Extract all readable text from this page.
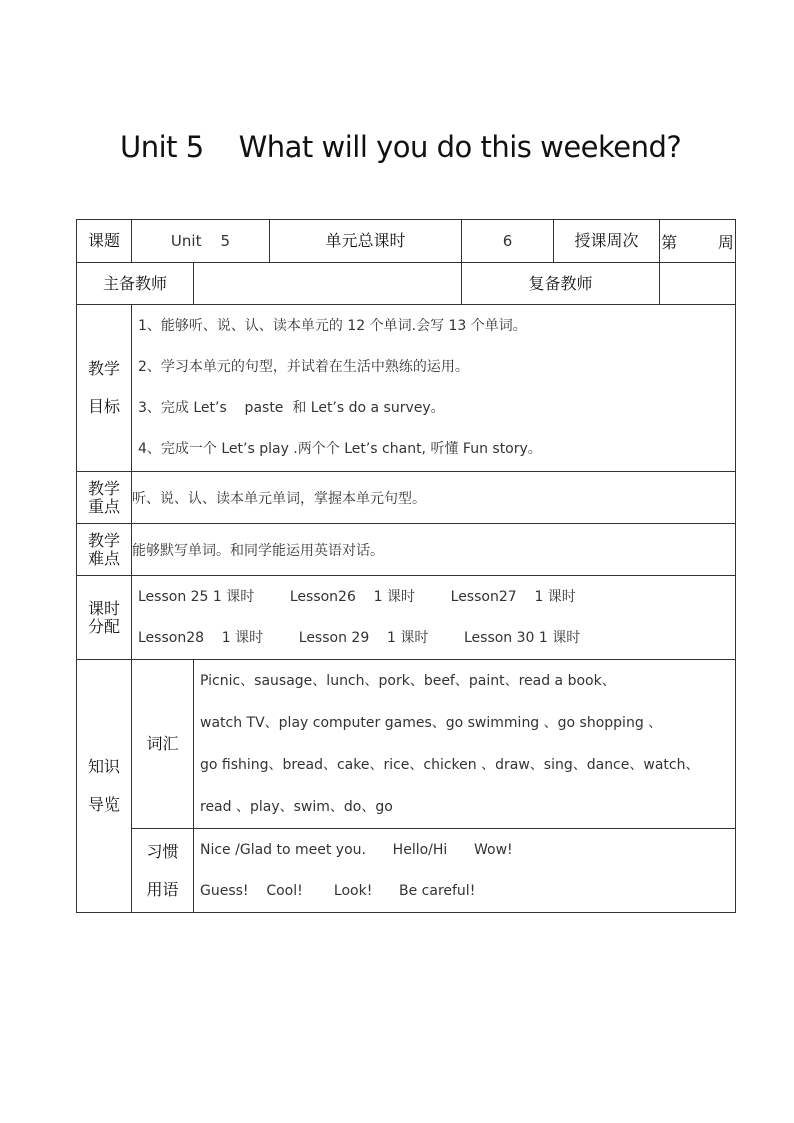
Unit 5    What will you do this weekend?
课题	Unit    5		单元总课时	6	授课周次	第        周
主备教师				复备教师		

教学
目标	1、能够听、说、认、读本单元的 12 个单词.会写 13 个单词。
2、学习本单元的句型，并试着在生活中熟练的运用。
3、完成 Let’s    paste  和 Let’s do a survey。
4、完成一个 Let’s play .两个个 Let’s chant, 听懂 Fun story。					

教学
重点	听、说、认、读本单元单词，掌握本单元句型。					

教学
难点	能够默写单词。和同学能运用英语对话。					

课时
分配	Lesson 25 1 课时        Lesson26    1 课时        Lesson27    1 课时
Lesson28    1 课时        Lesson 29    1 课时        Lesson 30 1 课时					

知识
导览	词汇	Picnic、sausage、lunch、pork、beef、paint、read a book、
watch TV、play computer games、go swimming 、go shopping 、
go fishing、bread、cake、rice、chicken 、draw、sing、dance、watch、
read 、play、swim、do、go				

	习惯
用语	Nice /Glad to meet you.      Hello/Hi      Wow!
Guess!    Cool!       Look!      Be careful!				
